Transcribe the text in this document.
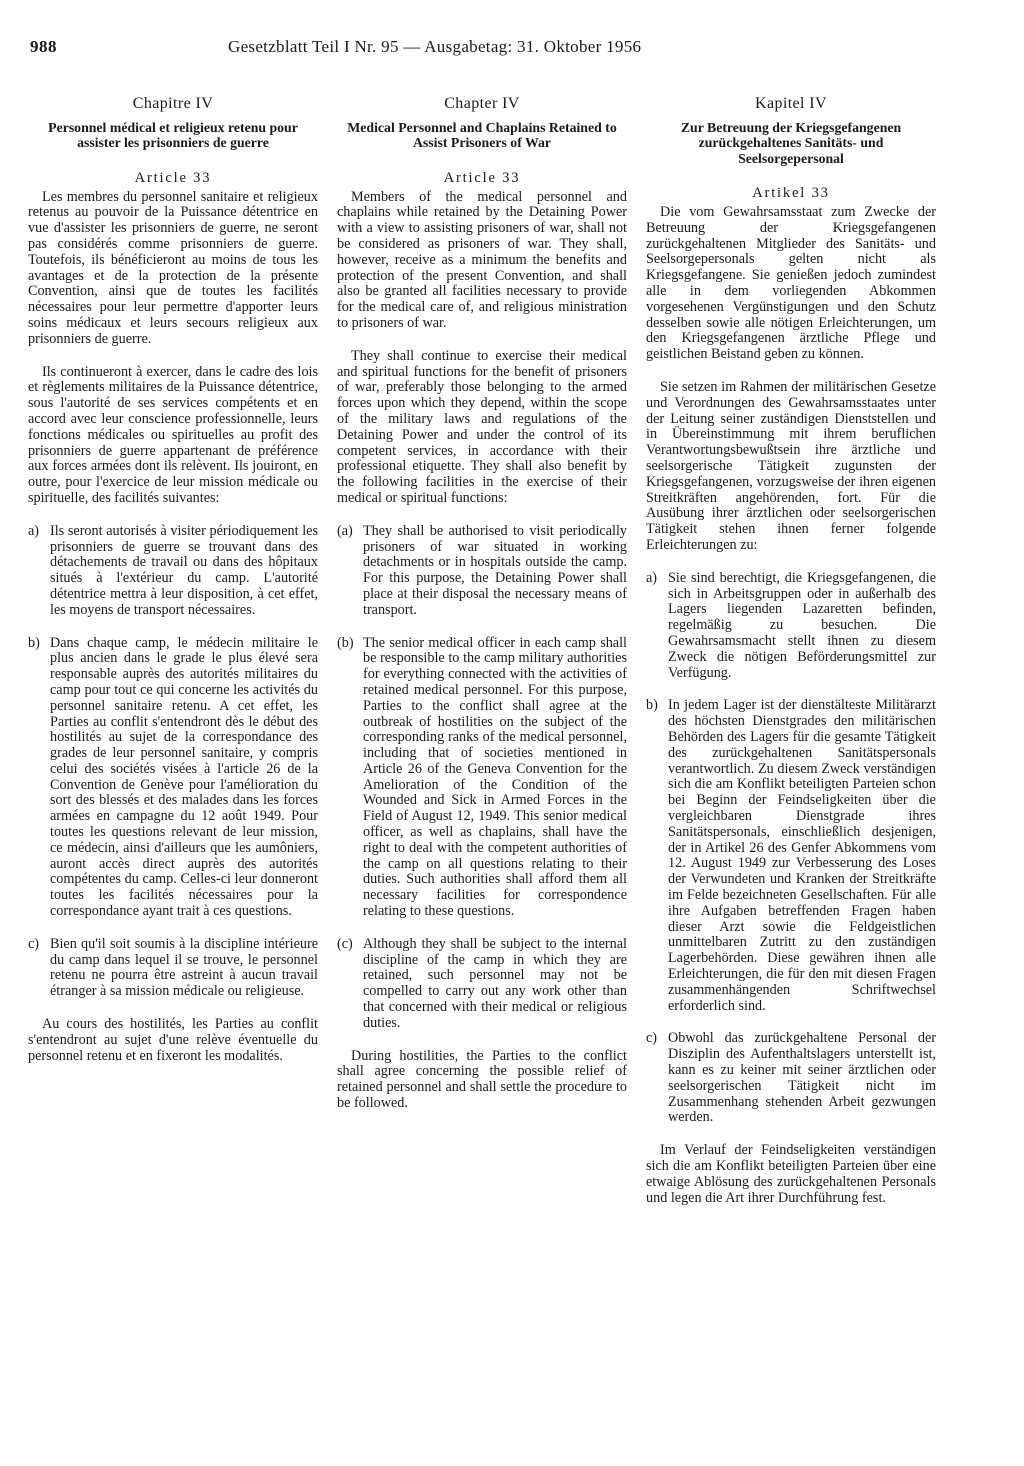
988	Gesetzblatt Teil I Nr. 95 — Ausgabetag: 31. Oktober 1956
Chapitre IV
Personnel médical et religieux retenu pour assister les prisonniers de guerre
Article 33

Les membres du personnel sanitaire et religieux retenus au pouvoir de la Puissance détentrice en vue d'assister les prisonniers de guerre, ne seront pas considérés comme prisonniers de guerre. Toutefois, ils bénéficieront au moins de tous les avantages et de la protection de la présente Convention, ainsi que de toutes les facilités nécessaires pour leur permettre d'apporter leurs soins médicaux et leurs secours religieux aux prisonniers de guerre.

Ils continueront à exercer, dans le cadre des lois et règlements militaires de la Puissance détentrice, sous l'autorité de ses services compétents et en accord avec leur conscience professionnelle, leurs fonctions médicales ou spirituelles au profit des prisonniers de guerre appartenant de préférence aux forces armées dont ils relèvent. Ils jouiront, en outre, pour l'exercice de leur mission médicale ou spirituelle, des facilités suivantes:

a) Ils seront autorisés à visiter périodiquement les prisonniers de guerre se trouvant dans des détachements de travail ou dans des hôpitaux situés à l'extérieur du camp. L'autorité détentrice mettra à leur disposition, à cet effet, les moyens de transport nécessaires.
b) Dans chaque camp, le médecin militaire le plus ancien dans le grade le plus élevé sera responsable auprès des autorités militaires du camp pour tout ce qui concerne les activités du personnel sanitaire retenu. A cet effet, les Parties au conflit s'entendront dès le début des hostilités au sujet de la correspondance des grades de leur personnel sanitaire, y compris celui des sociétés visées à l'article 26 de la Convention de Genève pour l'amélioration du sort des blessés et des malades dans les forces armées en campagne du 12 août 1949. Pour toutes les questions relevant de leur mission, ce médecin, ainsi d'ailleurs que les aumôniers, auront accès direct auprès des autorités compétentes du camp. Celles-ci leur donneront toutes les facilités nécessaires pour la correspondance ayant trait à ces questions.
c) Bien qu'il soit soumis à la discipline intérieure du camp dans lequel il se trouve, le personnel retenu ne pourra être astreint à aucun travail étranger à sa mission médicale ou religieuse.

Au cours des hostilités, les Parties au conflit s'entendront au sujet d'une relève éventuelle du personnel retenu et en fixeront les modalités.

Chapter IV
Medical Personnel and Chaplains Retained to Assist Prisoners of War
Article 33

Members of the medical personnel and chaplains while retained by the Detaining Power with a view to assisting prisoners of war, shall not be considered as prisoners of war. They shall, however, receive as a minimum the benefits and protection of the present Convention, and shall also be granted all facilities necessary to provide for the medical care of, and religious ministration to prisoners of war.

They shall continue to exercise their medical and spiritual functions for the benefit of prisoners of war, preferably those belonging to the armed forces upon which they depend, within the scope of the military laws and regulations of the Detaining Power and under the control of its competent services, in accordance with their professional etiquette. They shall also benefit by the following facilities in the exercise of their medical or spiritual functions:

(a) They shall be authorised to visit periodically prisoners of war situated in working detachments or in hospitals outside the camp. For this purpose, the Detaining Power shall place at their disposal the necessary means of transport.
(b) The senior medical officer in each camp shall be responsible to the camp military authorities for everything connected with the activities of retained medical personnel. For this purpose, Parties to the conflict shall agree at the outbreak of hostilities on the subject of the corresponding ranks of the medical personnel, including that of societies mentioned in Article 26 of the Geneva Convention for the Amelioration of the Condition of the Wounded and Sick in Armed Forces in the Field of August 12, 1949. This senior medical officer, as well as chaplains, shall have the right to deal with the competent authorities of the camp on all questions relating to their duties. Such authorities shall afford them all necessary facilities for correspondence relating to these questions.
(c) Although they shall be subject to the internal discipline of the camp in which they are retained, such personnel may not be compelled to carry out any work other than that concerned with their medical or religious duties.

During hostilities, the Parties to the conflict shall agree concerning the possible relief of retained personnel and shall settle the procedure to be followed.

Kapitel IV
Zur Betreuung der Kriegsgefangenen zurückgehaltenes Sanitäts- und Seelsorgepersonal
Artikel 33

Die vom Gewahrsamsstaat zum Zwecke der Betreuung der Kriegsgefangenen zurückgehaltenen Mitglieder des Sanitäts- und Seelsorgepersonals gelten nicht als Kriegsgefangene. Sie genießen jedoch zumindest alle in dem vorliegenden Abkommen vorgesehenen Vergünstigungen und den Schutz desselben sowie alle nötigen Erleichterungen, um den Kriegsgefangenen ärztliche Pflege und geistlichen Beistand geben zu können.

Sie setzen im Rahmen der militärischen Gesetze und Verordnungen des Gewahrsamsstaates unter der Leitung seiner zuständigen Dienststellen und in Übereinstimmung mit ihrem beruflichen Verantwortungsbewußtsein ihre ärztliche und seelsorgerische Tätigkeit zugunsten der Kriegsgefangenen, vorzugsweise der ihren eigenen Streitkräften angehörenden, fort. Für die Ausübung ihrer ärztlichen oder seelsorgerischen Tätigkeit stehen ihnen ferner folgende Erleichterungen zu:

a) Sie sind berechtigt, die Kriegsgefangenen, die sich in Arbeitsgruppen oder in außerhalb des Lagers liegenden Lazaretten befinden, regelmäßig zu besuchen. Die Gewahrsamsmacht stellt ihnen zu diesem Zweck die nötigen Beförderungsmittel zur Verfügung.
b) In jedem Lager ist der dienstälteste Militärarzt des höchsten Dienstgrades den militärischen Behörden des Lagers für die gesamte Tätigkeit des zurückgehaltenen Sanitätspersonals verantwortlich. Zu diesem Zweck verständigen sich die am Konflikt beteiligten Parteien schon bei Beginn der Feindseligkeiten über die vergleichbaren Dienstgrade ihres Sanitätspersonals, einschließlich desjenigen, der in Artikel 26 des Genfer Abkommens vom 12. August 1949 zur Verbesserung des Loses der Verwundeten und Kranken der Streitkräfte im Felde bezeichneten Gesellschaften. Für alle ihre Aufgaben betreffenden Fragen haben dieser Arzt sowie die Feldgeistlichen unmittelbaren Zutritt zu den zuständigen Lagerbehörden. Diese gewähren ihnen alle Erleichterungen, die für den mit diesen Fragen zusammenhängenden Schriftwechsel erforderlich sind.
c) Obwohl das zurückgehaltene Personal der Disziplin des Aufenthaltslagers unterstellt ist, kann es zu keiner mit seiner ärztlichen oder seelsorgerischen Tätigkeit nicht im Zusammenhang stehenden Arbeit gezwungen werden.

Im Verlauf der Feindseligkeiten verständigen sich die am Konflikt beteiligten Parteien über eine etwaige Ablösung des zurückgehaltenen Personals und legen die Art ihrer Durchführung fest.
